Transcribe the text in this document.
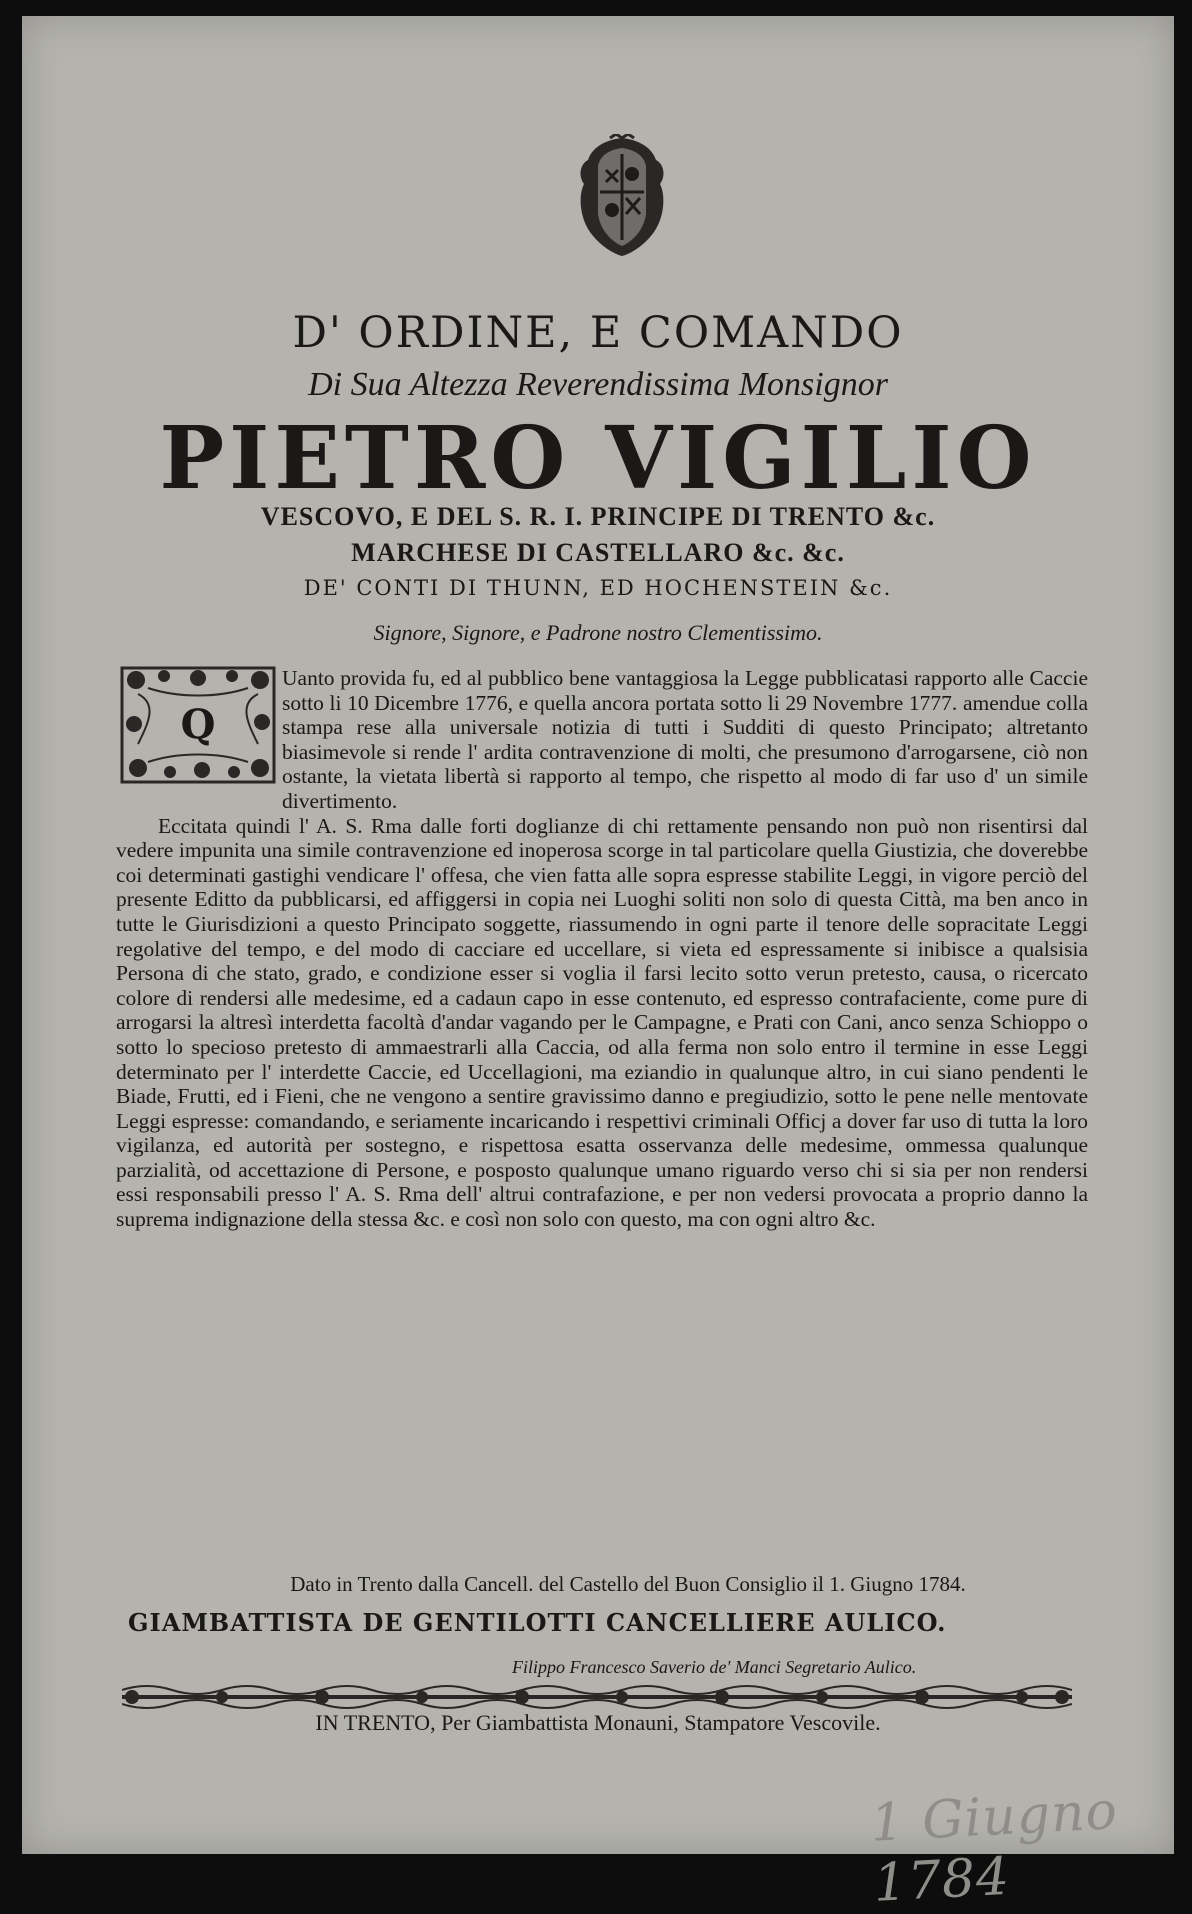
D' ORDINE, E COMANDO
Di Sua Altezza Reverendissima Monsignor
PIETRO VIGILIO
VESCOVO, E DEL S. R. I. PRINCIPE DI TRENTO &c.
MARCHESE DI CASTELLARO &c. &c.
DE' CONTI DI THUNN, ED HOCHENSTEIN &c.
Signore, Signore, e Padrone nostro Clementissimo.
Q

Uanto provida fu, ed al pubblico bene vantaggiosa la Legge pubblicatasi rapporto alle Caccie sotto li 10 Dicembre 1776, e quella ancora portata sotto li 29 Novembre 1777. amendue colla stampa rese alla universale notizia di tutti i Sudditi di questo Principato; altretanto biasimevole si rende l' ardita contravenzione di molti, che presumono d'arrogarsene, ciò non ostante, la vietata libertà si rapporto al tempo, che rispetto al modo di far uso d' un simile divertimento.

Eccitata quindi l' A. S. Rma dalle forti doglianze di chi rettamente pensando non può non risentirsi dal vedere impunita una simile contravenzione ed inoperosa scorge in tal particolare quella Giustizia, che doverebbe coi determinati gastighi vendicare l' offesa, che vien fatta alle sopra espresse stabilite Leggi, in vigore perciò del presente Editto da pubblicarsi, ed affiggersi in copia nei Luoghi soliti non solo di questa Città, ma ben anco in tutte le Giurisdizioni a questo Principato soggette, riassumendo in ogni parte il tenore delle sopracitate Leggi regolative del tempo, e del modo di cacciare ed uccellare, si vieta ed espressamente si inibisce a qualsisia Persona di che stato, grado, e condizione esser si voglia il farsi lecito sotto verun pretesto, causa, o ricercato colore di rendersi alle medesime, ed a cadaun capo in esse contenuto, ed espresso contrafaciente, come pure di arrogarsi la altresì interdetta facoltà d'andar vagando per le Campagne, e Prati con Cani, anco senza Schioppo o sotto lo specioso pretesto di ammaestrarli alla Caccia, od alla ferma non solo entro il termine in esse Leggi determinato per l' interdette Caccie, ed Uccellagioni, ma eziandio in qualunque altro, in cui siano pendenti le Biade, Frutti, ed i Fieni, che ne vengono a sentire gravissimo danno e pregiudizio, sotto le pene nelle mentovate Leggi espresse: comandando, e seriamente incaricando i respettivi criminali Officj a dover far uso di tutta la loro vigilanza, ed autorità per sostegno, e rispettosa esatta osservanza delle medesime, ommessa qualunque parzialità, od accettazione di Persone, e posposto qualunque umano riguardo verso chi si sia per non rendersi essi responsabili presso l' A. S. Rma dell' altrui contrafazione, e per non vedersi provocata a proprio danno la suprema indignazione della stessa &c. e così non solo con questo, ma con ogni altro &c.

Dato in Trento dalla Cancell. del Castello del Buon Consiglio il 1. Giugno 1784.
GIAMBATTISTA DE GENTILOTTI CANCELLIERE AULICO.
Filippo Francesco Saverio de' Manci Segretario Aulico.
IN TRENTO, Per Giambattista Monauni, Stampatore Vescovile.
1 Giugno 1784
